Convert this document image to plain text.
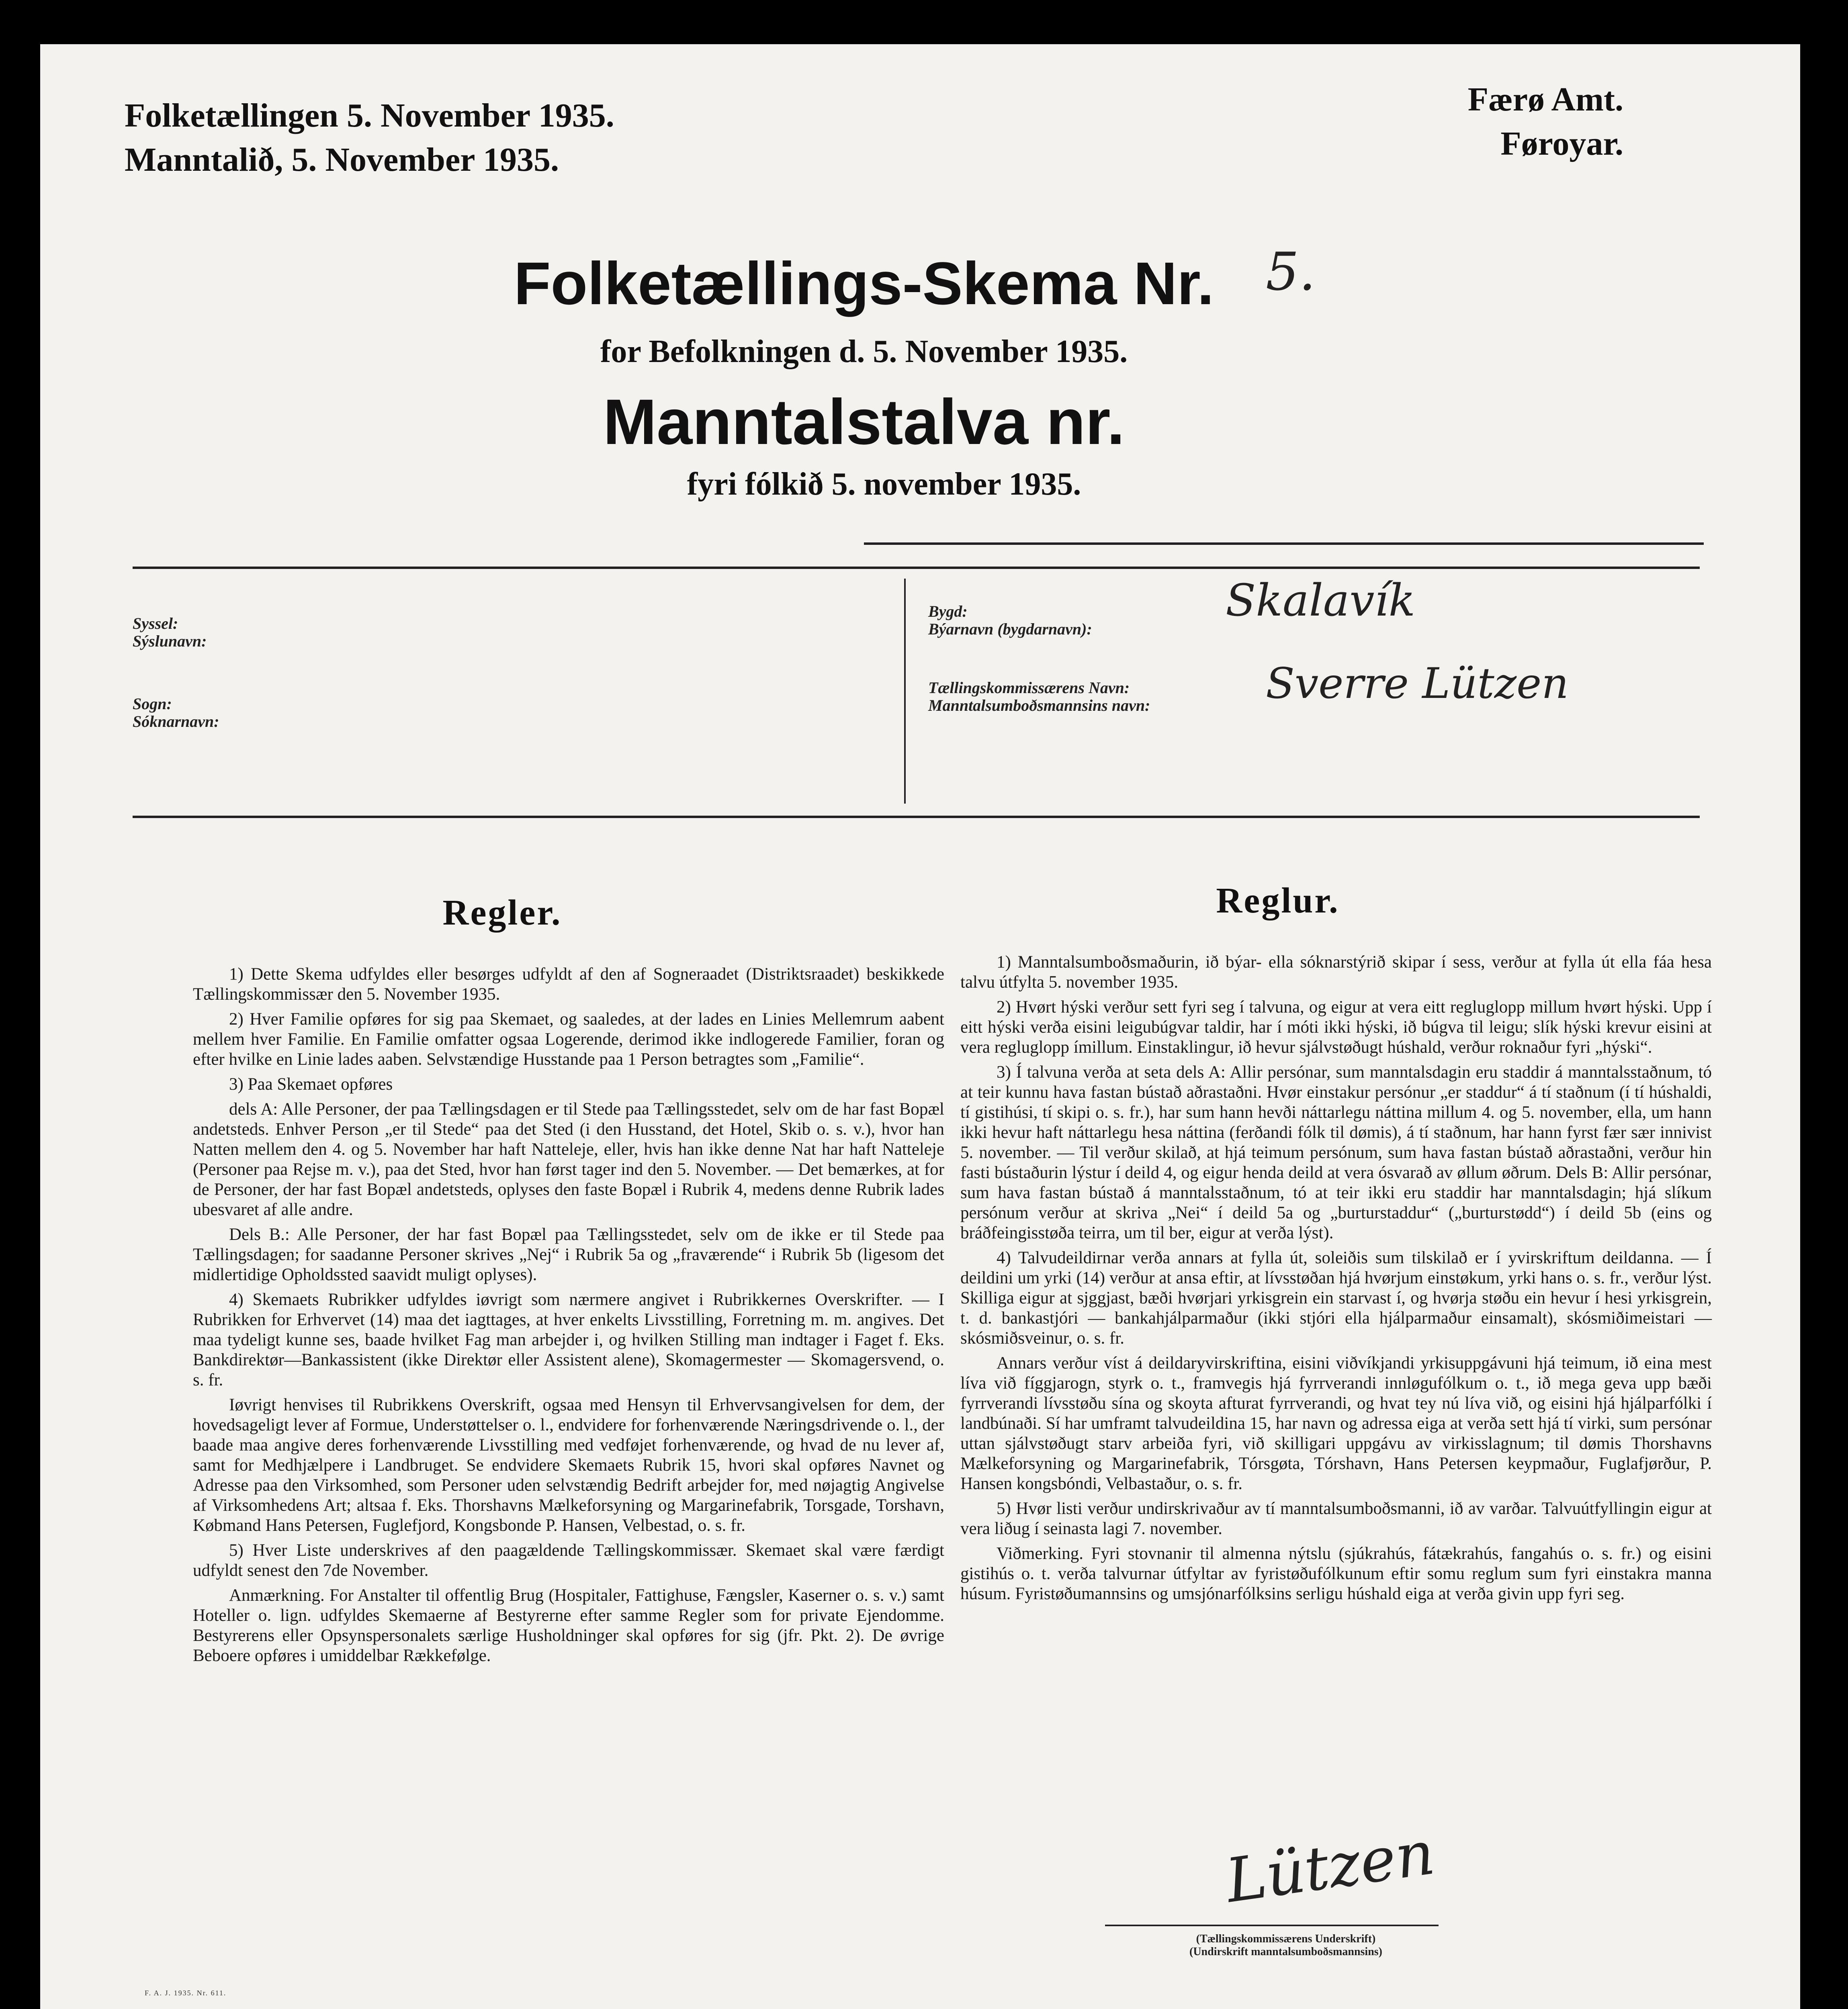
Folketællingen 5. November 1935.
Manntalið, 5. November 1935.
Færø Amt.
Føroyar.
Folketællings-Skema Nr. 5.
for Befolkningen d. 5. November 1935.
Manntalstalva nr.
fyri fólkið 5. november 1935.
Syssel:
Sýslunavn:
Sogn:
Sóknarnavn:
Bygd:
Býarnavn (bygdarnavn):
Skalavík
Tællingskommissærens Navn:
Manntalsumboðsmannsins navn:	Sverre Lützen
Regler.	Reglur.

1) Dette Skema udfyldes eller besørges udfyldt af den af Sogneraadet (Distriktsraadet) beskikkede Tællingskommissær den 5. November 1935.

2) Hver Familie opføres for sig paa Skemaet, og saaledes, at der lades en Linies Mellemrum aabent mellem hver Familie. En Familie omfatter ogsaa Logerende, derimod ikke indlogerede Familier, foran og efter hvilke en Linie lades aaben. Selvstændige Husstande paa 1 Person betragtes som „Familie“.

3) Paa Skemaet opføres

dels A: Alle Personer, der paa Tællingsdagen er til Stede paa Tællingsstedet, selv om de har fast Bopæl andetsteds. Enhver Person „er til Stede“ paa det Sted (i den Husstand, det Hotel, Skib o. s. v.), hvor han Natten mellem den 4. og 5. November har haft Natteleje, eller, hvis han ikke denne Nat har haft Natteleje (Personer paa Rejse m. v.), paa det Sted, hvor han først tager ind den 5. November. — Det bemærkes, at for de Personer, der har fast Bopæl andetsteds, oplyses den faste Bopæl i Rubrik 4, medens denne Rubrik lades ubesvaret af alle andre.

Dels B.: Alle Personer, der har fast Bopæl paa Tællingsstedet, selv om de ikke er til Stede paa Tællingsdagen; for saadanne Personer skrives „Nej“ i Rubrik 5a og „fraværende“ i Rubrik 5b (ligesom det midlertidige Opholdssted saavidt muligt oplyses).

4) Skemaets Rubrikker udfyldes iøvrigt som nærmere angivet i Rubrikkernes Overskrifter. — I Rubrikken for Erhvervet (14) maa det iagttages, at hver enkelts Livsstilling, Forretning m. m. angives. Det maa tydeligt kunne ses, baade hvilket Fag man arbejder i, og hvilken Stilling man indtager i Faget f. Eks. Bankdirektør—Bankassistent (ikke Direktør eller Assistent alene), Skomagermester — Skomagersvend, o. s. fr.

Iøvrigt henvises til Rubrikkens Overskrift, ogsaa med Hensyn til Erhvervsangivelsen for dem, der hovedsageligt lever af Formue, Understøttelser o. l., endvidere for forhenværende Næringsdrivende o. l., der baade maa angive deres forhenværende Livsstilling med vedføjet forhenværende, og hvad de nu lever af, samt for Medhjælpere i Landbruget. Se endvidere Skemaets Rubrik 15, hvori skal opføres Navnet og Adresse paa den Virksomhed, som Personer uden selvstændig Bedrift arbejder for, med nøjagtig Angivelse af Virksomhedens Art; altsaa f. Eks. Thorshavns Mælkeforsyning og Margarinefabrik, Torsgade, Torshavn, Købmand Hans Petersen, Fuglefjord, Kongsbonde P. Hansen, Velbestad, o. s. fr.

5) Hver Liste underskrives af den paagældende Tællingskommissær. Skemaet skal være færdigt udfyldt senest den 7de November.

Anmærkning. For Anstalter til offentlig Brug (Hospitaler, Fattighuse, Fængsler, Kaserner o. s. v.) samt Hoteller o. lign. udfyldes Skemaerne af Bestyrerne efter samme Regler som for private Ejendomme. Bestyrerens eller Opsynspersonalets særlige Husholdninger skal opføres for sig (jfr. Pkt. 2). De øvrige Beboere opføres i umiddelbar Rækkefølge.

1) Manntalsumboðsmaðurin, ið býar- ella sóknarstýrið skipar í sess, verður at fylla út ella fáa hesa talvu útfylta 5. november 1935.

2) Hvørt hýski verður sett fyri seg í talvuna, og eigur at vera eitt regluglopp millum hvørt hýski. Upp í eitt hýski verða eisini leigubúgvar taldir, har í móti ikki hýski, ið búgva til leigu; slík hýski krevur eisini at vera regluglopp ímillum. Einstaklingur, ið hevur sjálvstøðugt húshald, verður roknaður fyri „hýski“.

3) Í talvuna verða at seta dels A: Allir persónar, sum manntalsdagin eru staddir á manntalsstaðnum, tó at teir kunnu hava fastan bústað aðrastaðni. Hvør einstakur persónur „er staddur“ á tí staðnum (í tí húshaldi, tí gistihúsi, tí skipi o. s. fr.), har sum hann hevði náttarlegu náttina millum 4. og 5. november, ella, um hann ikki hevur haft náttarlegu hesa náttina (ferðandi fólk til dømis), á tí staðnum, har hann fyrst fær sær innivist 5. november. — Til verður skilað, at hjá teimum persónum, sum hava fastan bústað aðrastaðni, verður hin fasti bústaðurin lýstur í deild 4, og eigur henda deild at vera ósvarað av øllum øðrum. Dels B: Allir persónar, sum hava fastan bústað á manntalsstaðnum, tó at teir ikki eru staddir har manntalsdagin; hjá slíkum persónum verður at skriva „Nei“ í deild 5a og „burturstaddur“ („burturstødd“) í deild 5b (eins og bráðfeingisstøða teirra, um til ber, eigur at verða lýst).

4) Talvudeildirnar verða annars at fylla út, soleiðis sum tilskilað er í yvirskriftum deildanna. — Í deildini um yrki (14) verður at ansa eftir, at lívsstøðan hjá hvørjum einstøkum, yrki hans o. s. fr., verður lýst. Skilliga eigur at sjggjast, bæði hvørjari yrkisgrein ein starvast í, og hvørja støðu ein hevur í hesi yrkisgrein, t. d. bankastjóri — bankahjálparmaður (ikki stjóri ella hjálparmaður einsamalt), skósmiðimeistari — skósmiðsveinur, o. s. fr.

Annars verður víst á deildaryvirskriftina, eisini viðvíkjandi yrkisuppgávuni hjá teimum, ið eina mest líva við fíggjarogn, styrk o. t., framvegis hjá fyrrverandi innløgufólkum o. t., ið mega geva upp bæði fyrrverandi lívsstøðu sína og skoyta afturat fyrrverandi, og hvat tey nú líva við, og eisini hjá hjálparfólki í landbúnaði. Sí har umframt talvudeildina 15, har navn og adressa eiga at verða sett hjá tí virki, sum persónar uttan sjálvstøðugt starv arbeiða fyri, við skilligari uppgávu av virkisslagnum; til dømis Thorshavns Mælkeforsyning og Margarinefabrik, Tórsgøta, Tórshavn, Hans Petersen keypmaður, Fuglafjørður, P. Hansen kongsbóndi, Velbastaður, o. s. fr.

5) Hvør listi verður undirskrivaður av tí manntalsumboðsmanni, ið av varðar. Talvuútfyllingin eigur at vera liðug í seinasta lagi 7. november.

Viðmerking. Fyri stovnanir til almenna nýtslu (sjúkrahús, fátækrahús, fangahús o. s. fr.) og eisini gistihús o. t. verða talvurnar útfyltar av fyristøðufólkunum eftir somu reglum sum fyri einstakra manna húsum. Fyristøðumannsins og umsjónarfólksins serligu húshald eiga at verða givin upp fyri seg.

Lützen
(Tællingskommissærens Underskrift)
(Undirskrift manntalsumboðsmannsins)
F. A. J. 1935. Nr. 611.
